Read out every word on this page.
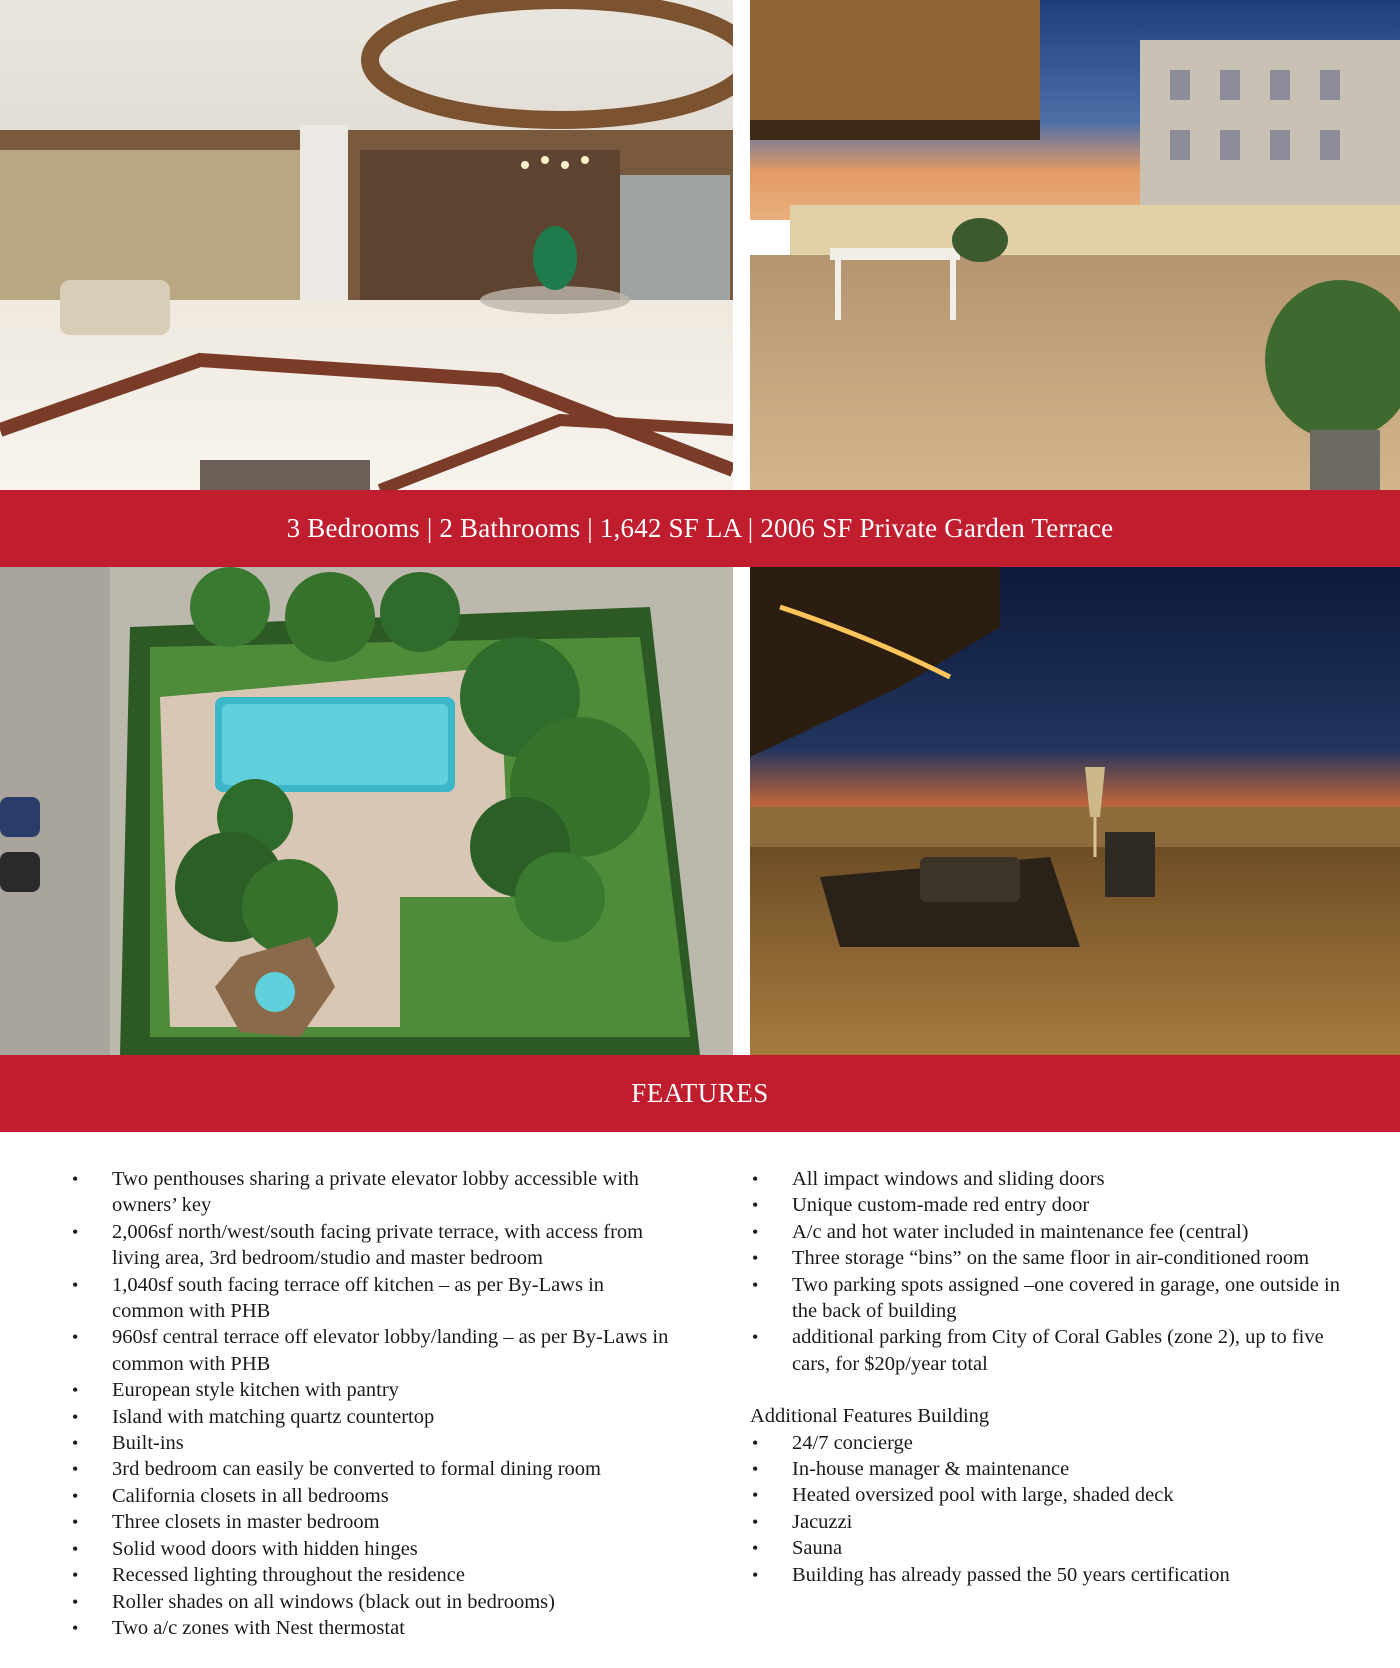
3 Bedrooms | 2 Bathrooms | 1,642 SF LA | 2006 SF Private Garden Terrace
FEATURES
• Two penthouses sharing a private elevator lobby accessible with owners’ key
• 2,006sf north/west/south facing private terrace, with access from living area, 3rd bedroom/studio and master bedroom
• 1,040sf south facing terrace off kitchen – as per By-Laws in common with PHB
• 960sf central terrace off elevator lobby/landing – as per By-Laws in common with PHB
• European style kitchen with pantry
• Island with matching quartz countertop
• Built-ins
• 3rd bedroom can easily be converted to formal dining room
• California closets in all bedrooms
• Three closets in master bedroom
• Solid wood doors with hidden hinges
• Recessed lighting throughout the residence
• Roller shades on all windows (black out in bedrooms)
• Two a/c zones with Nest thermostat
• All impact windows and sliding doors
• Unique custom-made red entry door
• A/c and hot water included in maintenance fee (central)
• Three storage “bins” on the same floor in air-conditioned room
• Two parking spots assigned –one covered in garage, one outside in the back of building
• additional parking from City of Coral Gables (zone 2), up to five cars, for $20p/year total
Additional Features Building
• 24/7 concierge
• In-house manager & maintenance
• Heated oversized pool with large, shaded deck
• Jacuzzi
• Sauna
• Building has already passed the 50 years certification
